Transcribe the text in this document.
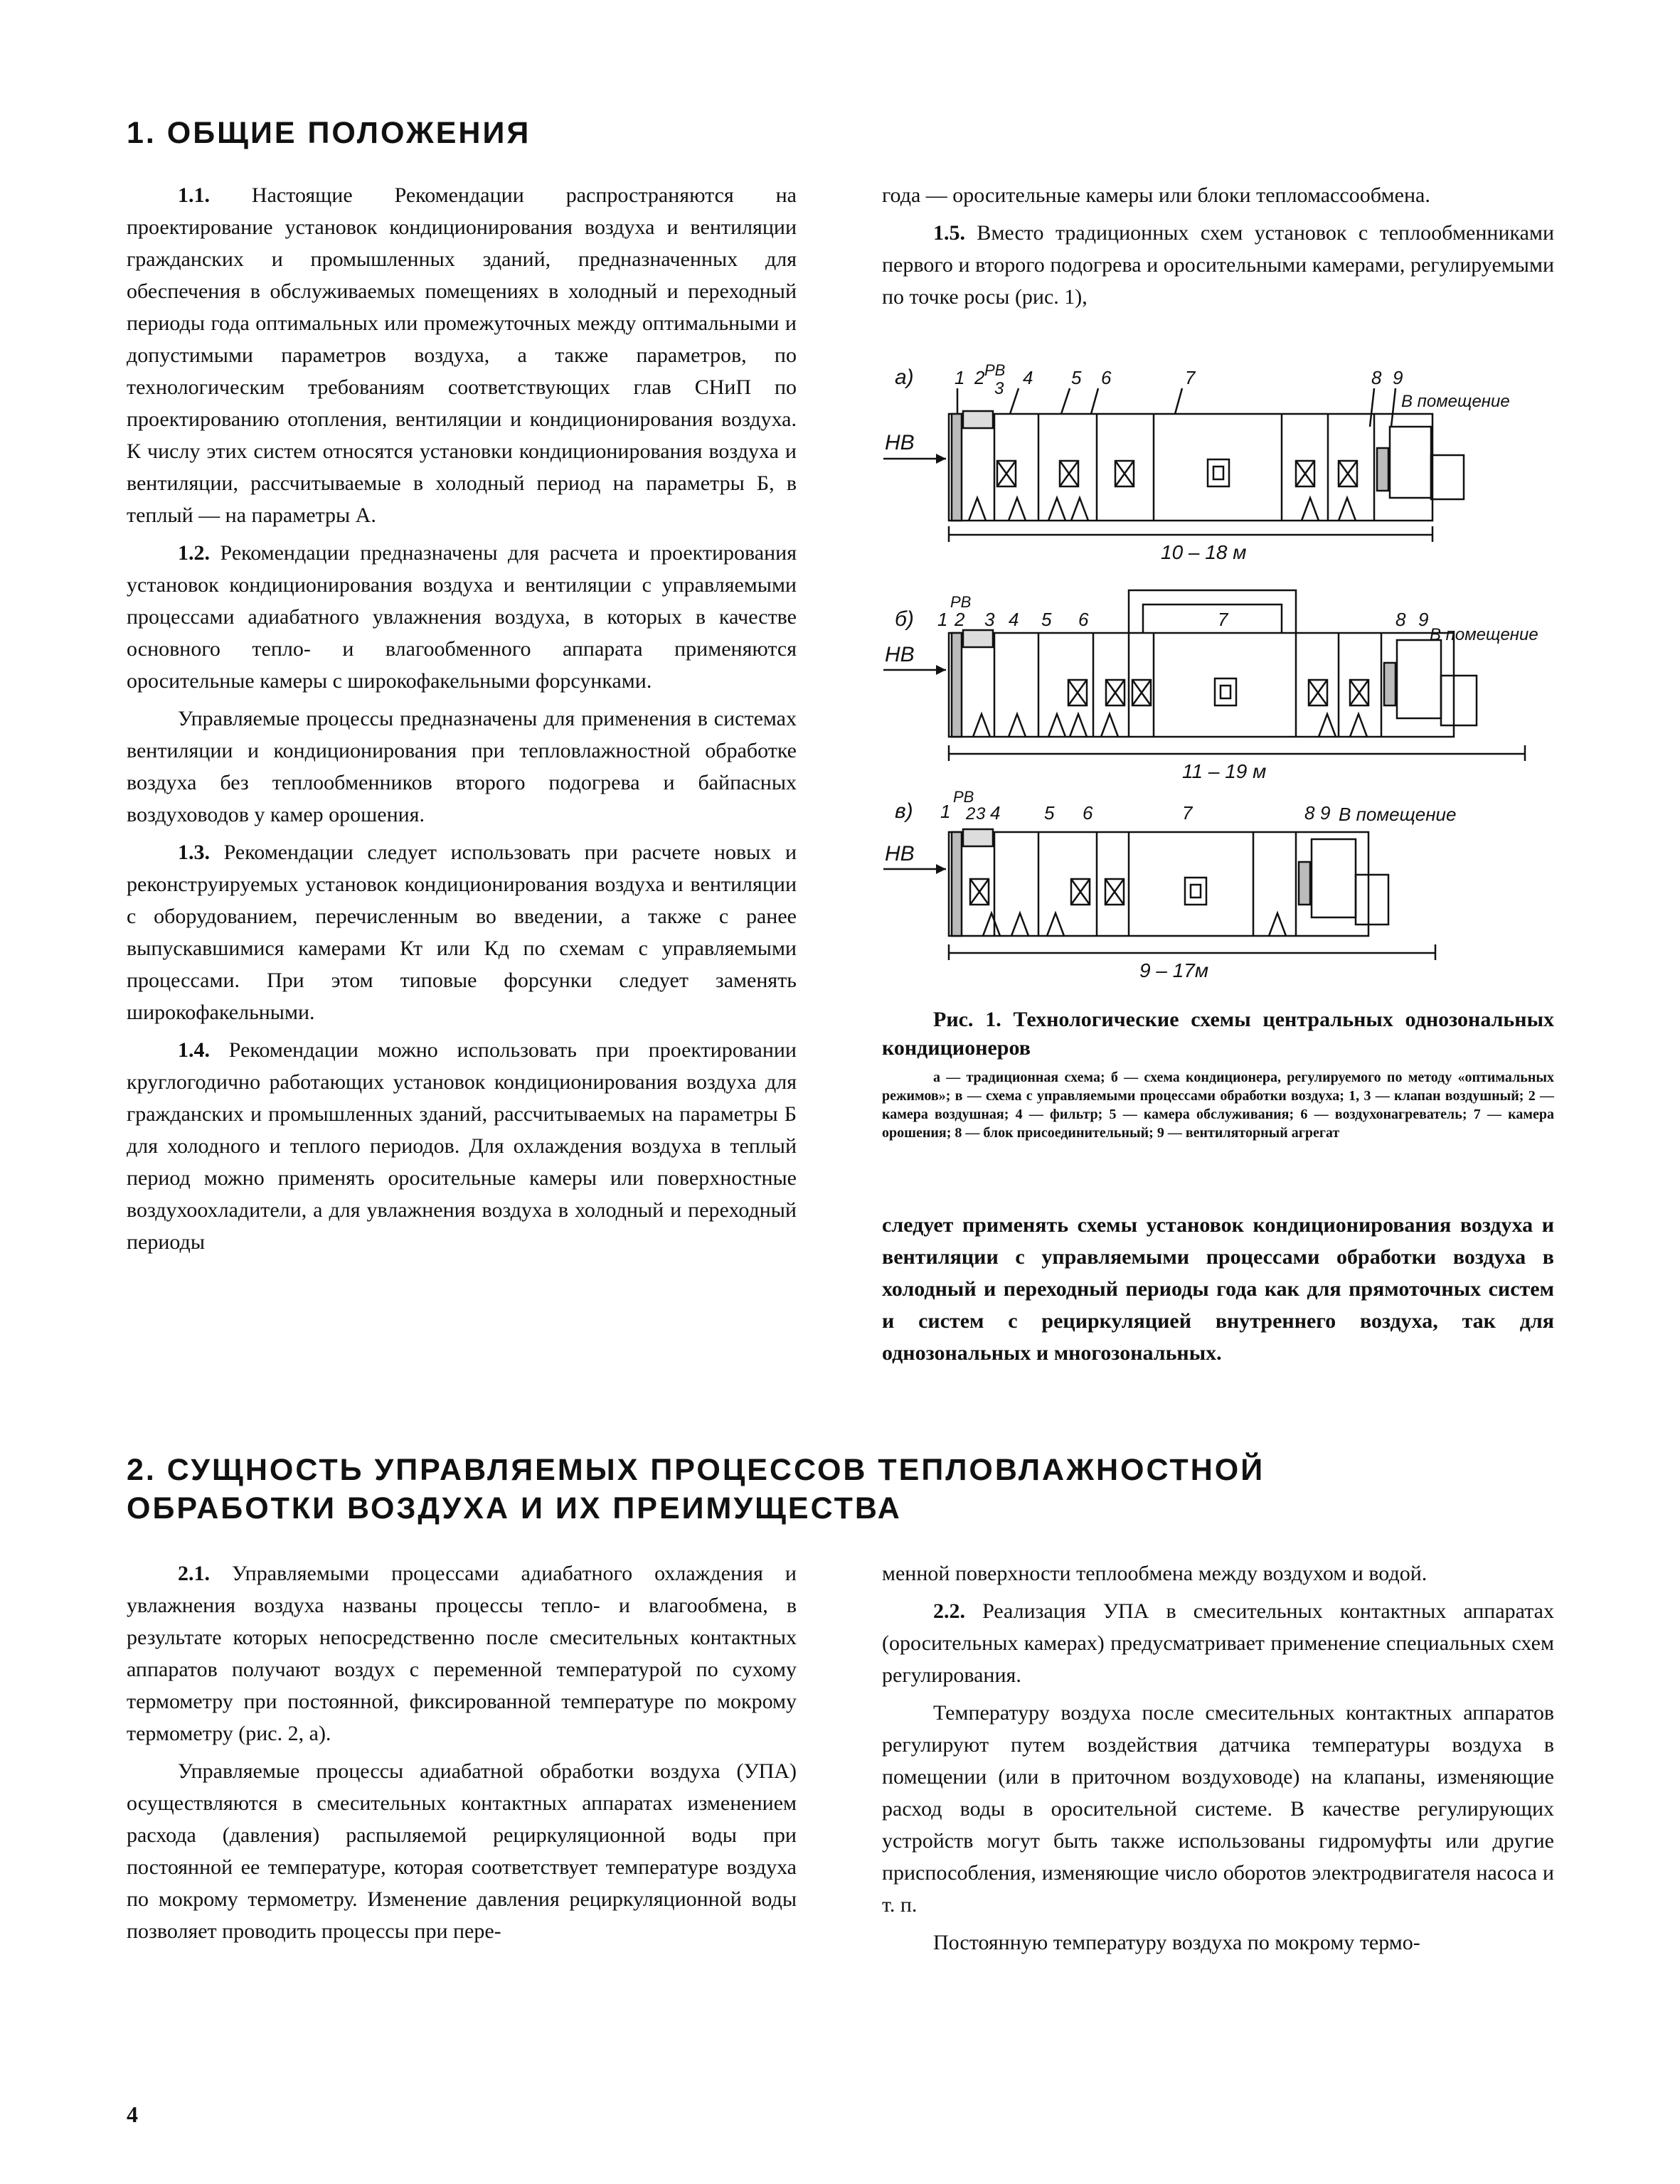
1. ОБЩИЕ ПОЛОЖЕНИЯ

1.1. Настоящие Рекомендации распространяются на проектирование установок кондиционирования воздуха и вентиляции гражданских и промышленных зданий, предназначенных для обеспечения в обслуживаемых помещениях в холодный и переходный периоды года оптимальных или промежуточных между оптимальными и допустимыми параметров воздуха, а также параметров, по технологическим требованиям соответствующих глав СНиП по проектированию отопления, вентиляции и кондиционирования воздуха. К числу этих систем относятся установки кондиционирования воздуха и вентиляции, рассчитываемые в холодный период на параметры Б, в теплый — на параметры А.

1.2. Рекомендации предназначены для расчета и проектирования установок кондиционирования воздуха и вентиляции с управляемыми процессами адиабатного увлажнения воздуха, в которых в качестве основного тепло- и влагообменного аппарата применяются оросительные камеры с широкофакельными форсунками.

Управляемые процессы предназначены для применения в системах вентиляции и кондиционирования при тепловлажностной обработке воздуха без теплообменников второго подогрева и байпасных воздуховодов у камер орошения.

1.3. Рекомендации следует использовать при расчете новых и реконструируемых установок кондиционирования воздуха и вентиляции с оборудованием, перечисленным во введении, а также с ранее выпускавшимися камерами Кт или Кд по схемам с управляемыми процессами. При этом типовые форсунки следует заменять широкофакельными.

1.4. Рекомендации можно использовать при проектировании круглогодично работающих установок кондиционирования воздуха для гражданских и промышленных зданий, рассчитываемых на параметры Б для холодного и теплого периодов. Для охлаждения воздуха в теплый период можно применять оросительные камеры или поверхностные воздухоохладители, а для увлажнения воздуха в холодный и переходный периоды

года — оросительные камеры или блоки тепломассообмена.

1.5. Вместо традиционных схем установок с теплообменниками первого и второго подогрева и оросительными камерами, регулируемыми по точке росы (рис. 1),

а)
НВ
10 – 18 м
1 2 РВ
3
4 5 6	7	8 9
В помещение
б)
НВ
11 – 19 м
1
РВ
2 3 4 5 6	7	8 9
В помещение
в)
НВ
9 – 17м
1
РВ
2 3 4 5 6	7	8 9 В помещение

Рис. 1. Технологические схемы центральных однозональных кондиционеров

а — традиционная схема; б — схема кондиционера, регулируемого по методу «оптимальных режимов»; в — схема с управляемыми процессами обработки воздуха; 1, 3 — клапан воздушный; 2 — камера воздушная; 4 — фильтр; 5 — камера обслуживания; 6 — воздухонагреватель; 7 — камера орошения; 8 — блок присоединительный; 9 — вентиляторный агрегат

следует применять схемы установок кондиционирования воздуха и вентиляции с управляемыми процессами обработки воздуха в холодный и переходный периоды года как для прямоточных систем и систем с рециркуляцией внутреннего воздуха, так для однозональных и многозональных.

2. СУЩНОСТЬ УПРАВЛЯЕМЫХ ПРОЦЕССОВ ТЕПЛОВЛАЖНОСТНОЙ
ОБРАБОТКИ ВОЗДУХА И ИХ ПРЕИМУЩЕСТВА

2.1. Управляемыми процессами адиабатного охлаждения и увлажнения воздуха названы процессы тепло- и влагообмена, в результате которых непосредственно после смесительных контактных аппаратов получают воздух с переменной температурой по сухому термометру при постоянной, фиксированной температуре по мокрому термометру (рис. 2, а).

Управляемые процессы адиабатной обработки воздуха (УПА) осуществляются в смесительных контактных аппаратах изменением расхода (давления) распыляемой рециркуляционной воды при постоянной ее температуре, которая соответствует температуре воздуха по мокрому термометру. Изменение давления рециркуляционной воды позволяет проводить процессы при пере-

менной поверхности теплообмена между воздухом и водой.

2.2. Реализация УПА в смесительных контактных аппаратах (оросительных камерах) предусматривает применение специальных схем регулирования.

Температуру воздуха после смесительных контактных аппаратов регулируют путем воздействия датчика температуры воздуха в помещении (или в приточном воздуховоде) на клапаны, изменяющие расход воды в оросительной системе. В качестве регулирующих устройств могут быть также использованы гидромуфты или другие приспособления, изменяющие число оборотов электродвигателя насоса и т. п.

Постоянную температуру воздуха по мокрому термо-

4
